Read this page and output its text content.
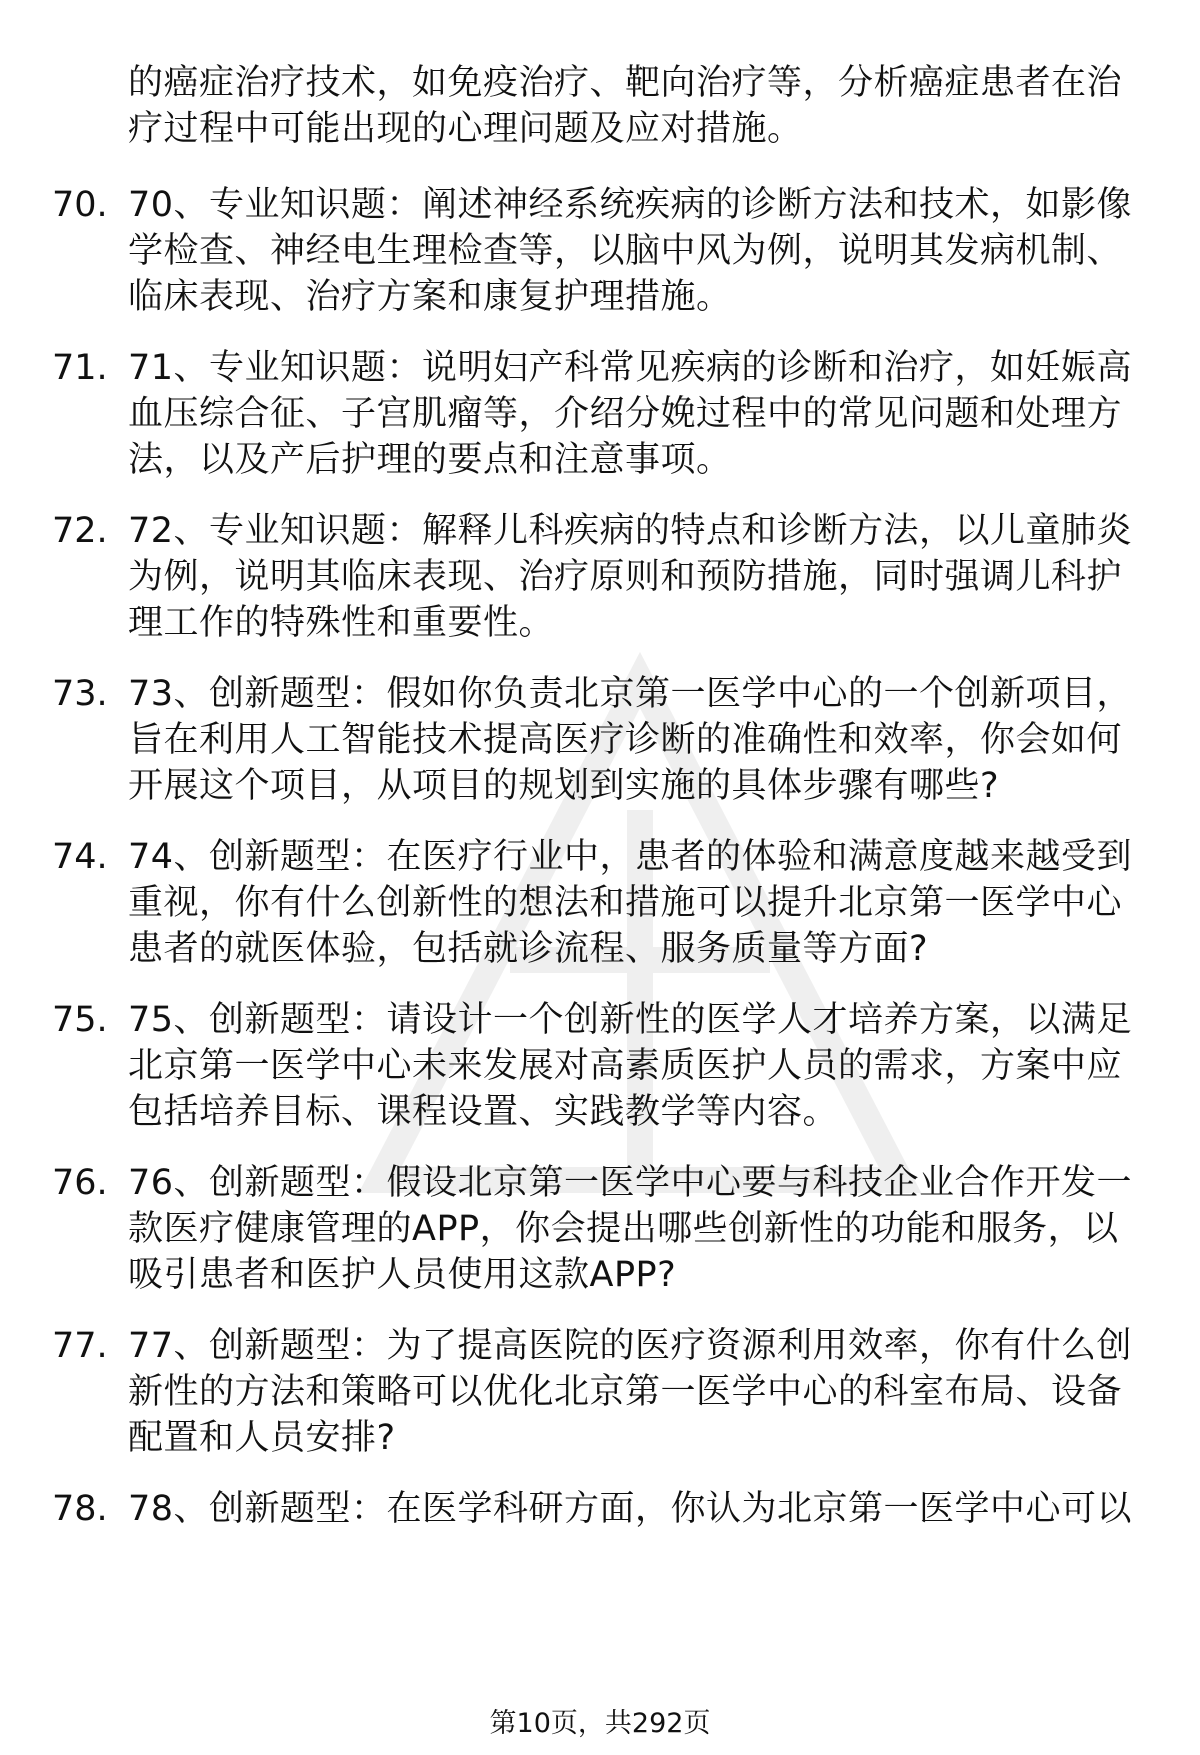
的癌症治疗技术，如免疫治疗、靶向治疗等，分析癌症患者在治疗过程中可能出现的心理问题及应对措施。
70. 70、专业知识题：阐述神经系统疾病的诊断方法和技术，如影像学检查、神经电生理检查等，以脑中风为例，说明其发病机制、临床表现、治疗方案和康复护理措施。
71. 71、专业知识题：说明妇产科常见疾病的诊断和治疗，如妊娠高血压综合征、子宫肌瘤等，介绍分娩过程中的常见问题和处理方法，以及产后护理的要点和注意事项。
72. 72、专业知识题：解释儿科疾病的特点和诊断方法，以儿童肺炎为例，说明其临床表现、治疗原则和预防措施，同时强调儿科护理工作的特殊性和重要性。
73. 73、创新题型：假如你负责北京第一医学中心的一个创新项目，旨在利用人工智能技术提高医疗诊断的准确性和效率，你会如何开展这个项目，从项目的规划到实施的具体步骤有哪些?
74. 74、创新题型：在医疗行业中，患者的体验和满意度越来越受到重视，你有什么创新性的想法和措施可以提升北京第一医学中心患者的就医体验，包括就诊流程、服务质量等方面?
75. 75、创新题型：请设计一个创新性的医学人才培养方案，以满足北京第一医学中心未来发展对高素质医护人员的需求，方案中应包括培养目标、课程设置、实践教学等内容。
76. 76、创新题型：假设北京第一医学中心要与科技企业合作开发一款医疗健康管理的APP，你会提出哪些创新性的功能和服务，以吸引患者和医护人员使用这款APP?
77. 77、创新题型：为了提高医院的医疗资源利用效率，你有什么创新性的方法和策略可以优化北京第一医学中心的科室布局、设备配置和人员安排?
78. 78、创新题型：在医学科研方面，你认为北京第一医学中心可以
第10页，共292页
